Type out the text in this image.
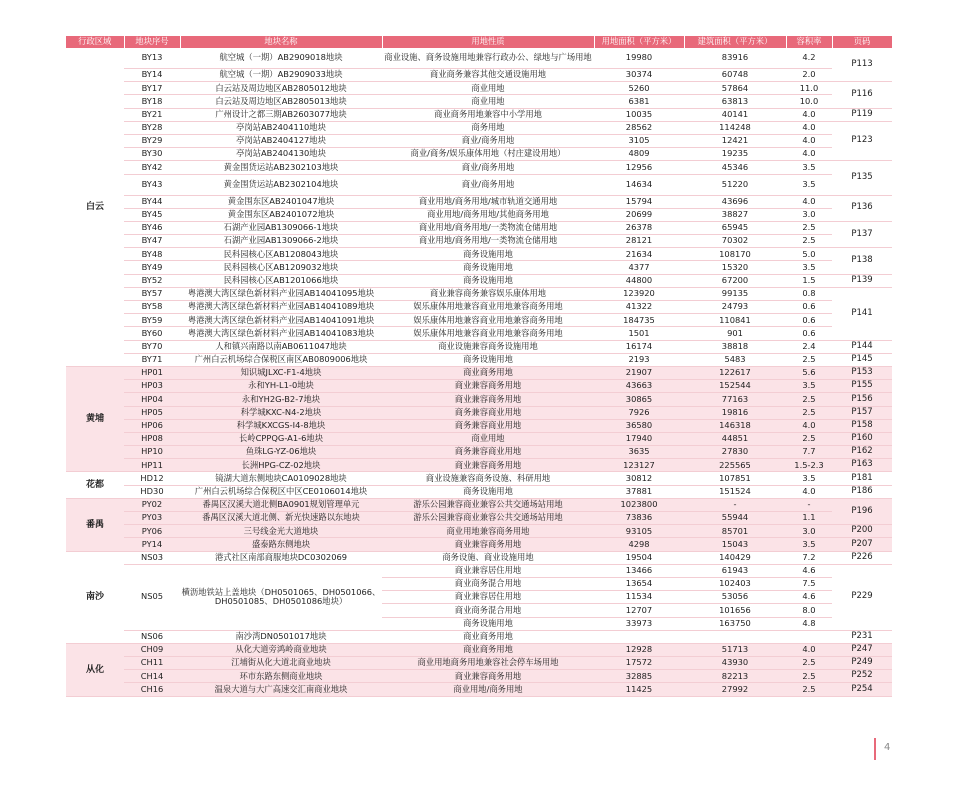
行政区域	地块序号	地块名称	用地性质	用地面积（平方米）	建筑面积（平方米）	容积率	页码
白云	BY13	航空城（一期）AB2909018地块	商业设施、商务设施用地兼容行政办公、绿地与广场用地	19980	83916	4.2	P113
	BY14	航空城（一期）AB2909033地块	商业商务兼容其他交通设施用地	30374	60748	2.0	
	BY17	白云站及周边地区AB2805012地块	商业用地	5260	57864	11.0	P116
	BY18	白云站及周边地区AB2805013地块	商业用地	6381	63813	10.0	
	BY21	广州设计之都三期AB2603077地块	商业商务用地兼容中小学用地	10035	40141	4.0	P119
	BY28	亭岗站AB2404110地块	商务用地	28562	114248	4.0	P123
	BY29	亭岗站AB2404127地块	商业/商务用地	3105	12421	4.0	
	BY30	亭岗站AB2404130地块	商业/商务/娱乐康体用地（村庄建设用地）	4809	19235	4.0	
	BY42	黄金围货运站AB2302103地块	商业/商务用地	12956	45346	3.5	P135
	BY43	黄金围货运站AB2302104地块	商业/商务用地	14634	51220	3.5	
	BY44	黄金围东区AB2401047地块	商业用地/商务用地/城市轨道交通用地	15794	43696	4.0	P136
	BY45	黄金围东区AB2401072地块	商业用地/商务用地/其他商务用地	20699	38827	3.0	
	BY46	石湖产业园AB1309066-1地块	商业用地/商务用地/一类物流仓储用地	26378	65945	2.5	P137
	BY47	石湖产业园AB1309066-2地块	商业用地/商务用地/一类物流仓储用地	28121	70302	2.5	
	BY48	民科园核心区AB1208043地块	商务设施用地	21634	108170	5.0	P138
	BY49	民科园核心区AB1209032地块	商务设施用地	4377	15320	3.5	
	BY52	民科园核心区AB1201066地块	商务设施用地	44800	67200	1.5	P139
	BY57	粤港澳大湾区绿色新材料产业园AB14041095地块	商业兼容商务兼容娱乐康体用地	123920	99135	0.8	P141
	BY58	粤港澳大湾区绿色新材料产业园AB14041089地块	娱乐康体用地兼容商业用地兼容商务用地	41322	24793	0.6	
	BY59	粤港澳大湾区绿色新材料产业园AB14041091地块	娱乐康体用地兼容商业用地兼容商务用地	184735	110841	0.6	
	BY60	粤港澳大湾区绿色新材料产业园AB14041083地块	娱乐康体用地兼容商业用地兼容商务用地	1501	901	0.6	
	BY70	人和镇兴南路以南AB0611047地块	商业设施兼容商务设施用地	16174	38818	2.4	P144
	BY71	广州白云机场综合保税区南区AB0809006地块	商务设施用地	2193	5483	2.5	P145
黄埔	HP01	知识城JLXC-F1-4地块	商业商务用地	21907	122617	5.6	P153
	HP03	永和YH-L1-0地块	商业兼容商务用地	43663	152544	3.5	P155
	HP04	永和YH2G-B2-7地块	商业兼容商务用地	30865	77163	2.5	P156
	HP05	科学城KXC-N4-2地块	商务兼容商业用地	7926	19816	2.5	P157
	HP06	科学城KXCGS-I4-8地块	商务兼容商业用地	36580	146318	4.0	P158
	HP08	长岭CPPQG-A1-6地块	商业用地	17940	44851	2.5	P160
	HP10	鱼珠LG-YZ-06地块	商务兼容商业用地	3635	27830	7.7	P162
	HP11	长洲HPG-CZ-02地块	商业兼容商务用地	123127	225565	1.5-2.3	P163
花都	HD12	镜湖大道东侧地块CA0109028地块	商业设施兼容商务设施、科研用地	30812	107851	3.5	P181
	HD30	广州白云机场综合保税区中区CE0106014地块	商务设施用地	37881	151524	4.0	P186
番禺	PY02	番禺区汉溪大道北侧BA0901规划管理单元	游乐公园兼容商业兼容公共交通场站用地	1023800	-	-	P196
	PY03	番禺区汉溪大道北侧、新光快速路以东地块	游乐公园兼容商业兼容公共交通场站用地	73836	55944	1.1	
	PY06	三号线金光大道地块	商业用地兼容商务用地	93105	85701	3.0	P200
	PY14	盛泰路东侧地块	商业兼容商务用地	4298	15043	3.5	P207
南沙	NS03	港式社区南部商服地块DC0302069	商务设施、商业设施用地	19504	140429	7.2	P226
	NS05	横沥地铁站上盖地块（DH0501065、DH0501066、DH0501085、DH0501086地块）	商业兼容居住用地	13466	61943	4.6	P229
			商业商务混合用地	13654	102403	7.5	
			商业兼容居住用地	11534	53056	4.6	
			商业商务混合用地	12707	101656	8.0	
			商务设施用地	33973	163750	4.8	
	NS06	南沙湾DN0501017地块	商业商务用地				P231
从化	CH09	从化大道旁鸿岭商业地块	商业商务用地	12928	51713	4.0	P247
	CH11	江埔街从化大道北商业地块	商业用地商务用地兼容社会停车场用地	17572	43930	2.5	P249
	CH14	环市东路东侧商业地块	商业兼容商务用地	32885	82213	2.5	P252
	CH16	温泉大道与大广高速交汇南商业地块	商业用地/商务用地	11425	27992	2.5	P254
4
